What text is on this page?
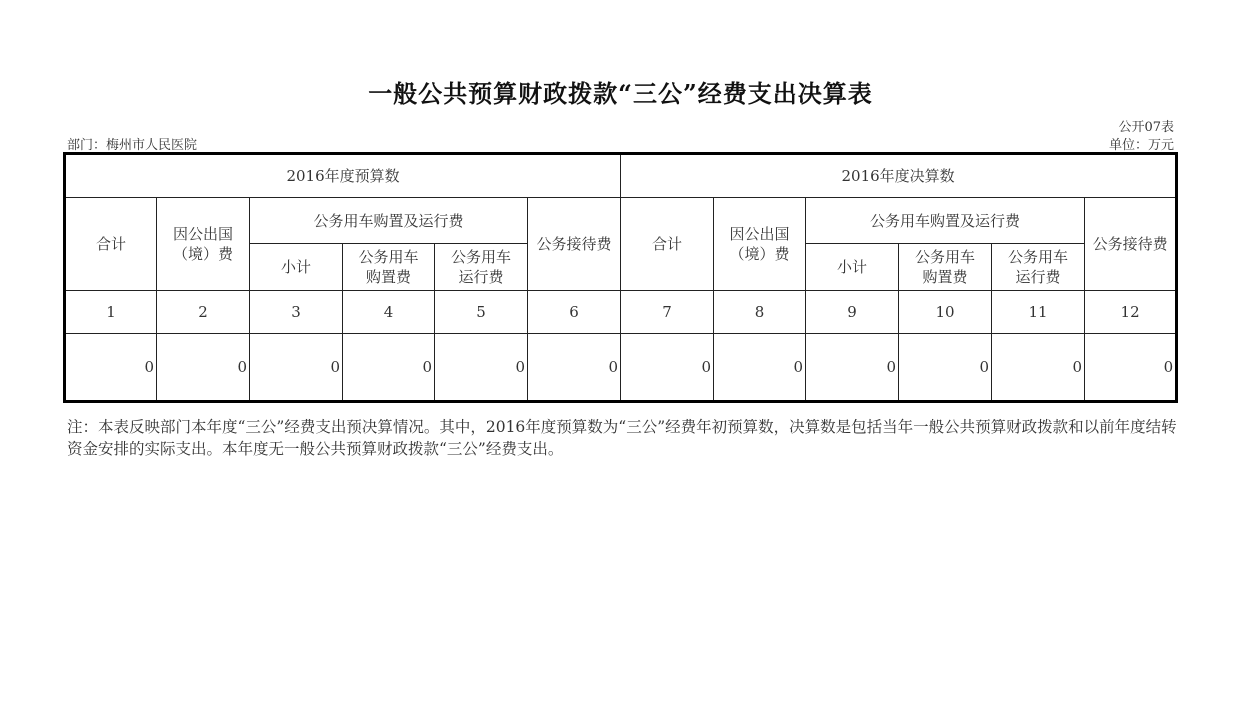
一般公共预算财政拨款“三公”经费支出决算表
公开07表
部门：梅州市人民医院	单位：万元
2016年度预算数						2016年度决算数					
合计	因公出国（境）费	公务用车购置及运行费			公务接待费	合计	因公出国（境）费	公务用车购置及运行费			公务接待费
		小计	公务用车购置费	公务用车运行费				小计	公务用车购置费	公务用车运行费	

1	2	3	4	5	6	7	8	9	10	11	12
0	0	0	0	0	0	0	0	0	0	0	0
注：本表反映部门本年度“三公”经费支出预决算情况。其中，2016年度预算数为“三公”经费年初预算数，决算数是包括当年一般公共预算财政拨款和以前年度结转资金安排的实际支出。本年度无一般公共预算财政拨款“三公”经费支出。
